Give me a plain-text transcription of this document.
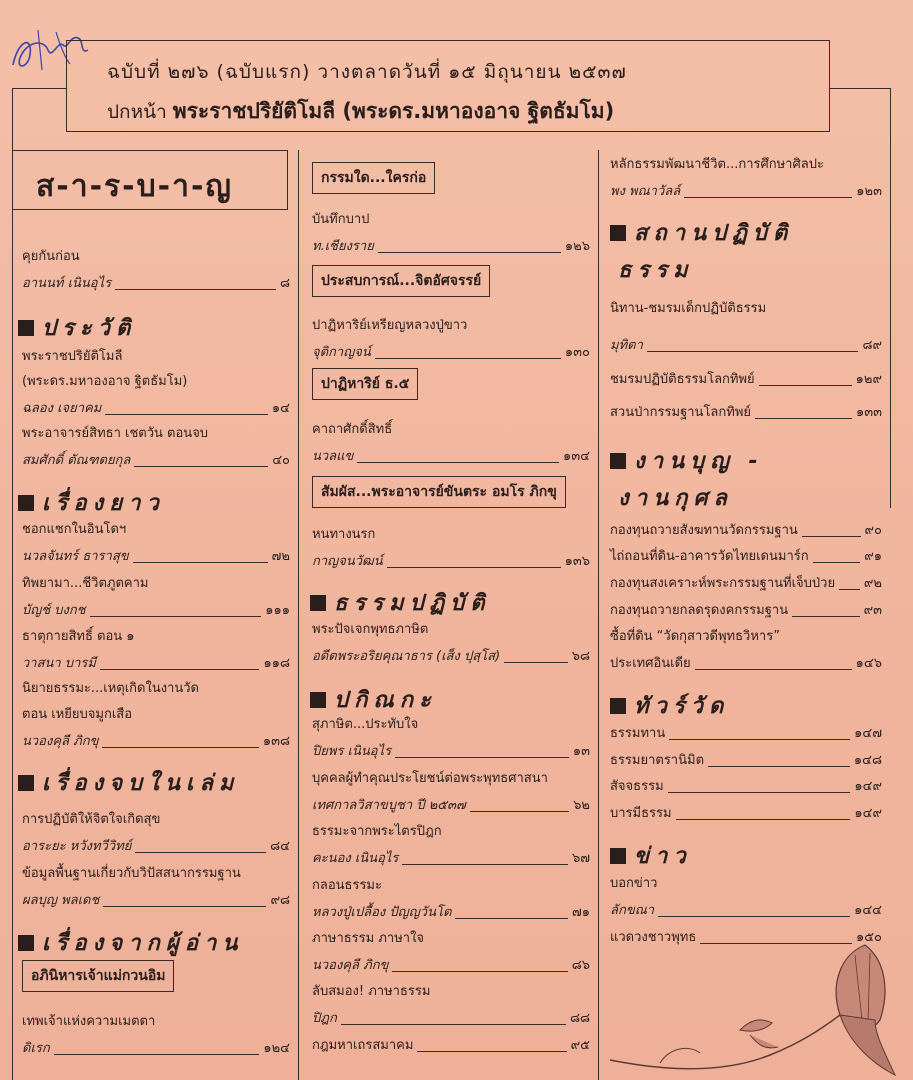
ฉบับที่ ๒๗๖ (ฉบับแรก) วางตลาดวันที่ ๑๕ มิถุนายน ๒๕๓๗
ปกหน้า พระราชปริยัติโมลี (พระดร.มหาองอาจ ฐิตธัมโม)
ส-า-ร-บ-า-ญ
คุยกันก่อน
อานนท์ เนินอุไร	๘
ประวัติ
พระราชปริยัติโมลี
(พระดร.มหาองอาจ ฐิตธัมโม)
ฉลอง เจยาคม	๑๔
พระอาจารย์สิทธา เชตวัน ตอนจบ
สมศักดิ์ ตัณฑตยกุล	๔๐
เรื่องยาว
ชอกแชกในอินโดฯ
นวลจันทร์ ธาราสุข	๗๒
ทิพยามา...ชีวิตภูตคาม
บัญช์ บงกช	๑๑๑
ธาตุกายสิทธิ์ ตอน ๑
วาสนา บารมี	๑๑๘
นิยายธรรมะ...เหตุเกิดในงานวัด
ตอน เหยียบจมูกเสือ
นวองคุลี ภิกขุ	๑๓๘
เรื่องจบในเล่ม
การปฏิบัติให้จิตใจเกิดสุข
อาระยะ หวังทวีวิทย์	๘๔
ข้อมูลพื้นฐานเกี่ยวกับวิปัสสนากรรมฐาน
ผลบุญ พลเดช	๙๘
เรื่องจากผู้อ่าน
อภินิหารเจ้าแม่กวนอิม
เทพเจ้าแห่งความเมตตา
ดิเรก	๑๒๔
กรรมใด...ใครก่อ
บันทึกบาป
ท.เชียงราย	๑๒๖
ประสบการณ์...จิตอัศจรรย์
ปาฏิหาริย์เหรียญหลวงปู่ขาว
จุติกาญจน์	๑๓๐
ปาฏิหาริย์ ธ.๕
คาถาศักดิ์สิทธิ์
นวลแข	๑๓๔
สัมผัส...พระอาจารย์ขันตระ อมโร ภิกขุ
หนทางนรก
กาญจนวัฒน์	๑๓๖
ธรรมปฏิบัติ
พระปัจเจกพุทธภาษิต
อดีตพระอริยคุณาธาร (เส็ง ปุสฺโส)	๖๘
ปกิณกะ
สุภาษิต...ประทับใจ
ปิยพร เนินอุไร	๑๓
บุคคลผู้ทำคุณประโยชน์ต่อพระพุทธศาสนา
เทศกาลวิสาขบูชา ปี ๒๕๓๗	๖๒
ธรรมะจากพระไตรปิฎก
คะนอง เนินอุไร	๖๗
กลอนธรรมะ
หลวงปู่เปลื้อง ปัญญวันโต	๗๑
ภาษาธรรม ภาษาใจ
นวองคุลี ภิกขุ	๘๖
ลับสมอง! ภาษาธรรม
ปิฎก	๘๘
กฎมหาเถรสมาคม	๙๕
หลักธรรมพัฒนาชีวิต...การศึกษาศิลปะ
พง พณาวัลล์	๑๒๓
สถานปฏิบัติ
ธรรม
นิทาน-ชมรมเด็กปฏิบัติธรรม
มุทิตา	๘๙
ชมรมปฏิบัติธรรมโลกทิพย์	๑๒๙
สวนป่ากรรมฐานโลกทิพย์	๑๓๓
งานบุญ -
งานกุศล
กองทุนถวายสังฆทานวัดกรรมฐาน	๙๐
ไถ่ถอนที่ดิน-อาคารวัดไทยเดนมาร์ก	๙๑
กองทุนสงเคราะห์พระกรรมฐานที่เจ็บป่วย ๙๒
กองทุนถวายกลดรุดงคกรรมฐาน	๙๓
ซื้อที่ดิน “วัดกุสาวดีพุทธวิหาร”
ประเทศอินเดีย	๑๔๖
ทัวร์วัด
ธรรมทาน	๑๔๗
ธรรมยาตรานิมิต	๑๔๘
สัจจธรรม	๑๔๙
บารมีธรรม	๑๔๙
ข่าว
บอกข่าว
ลักขณา	๑๔๔
แวดวงชาวพุทธ	๑๕๐
